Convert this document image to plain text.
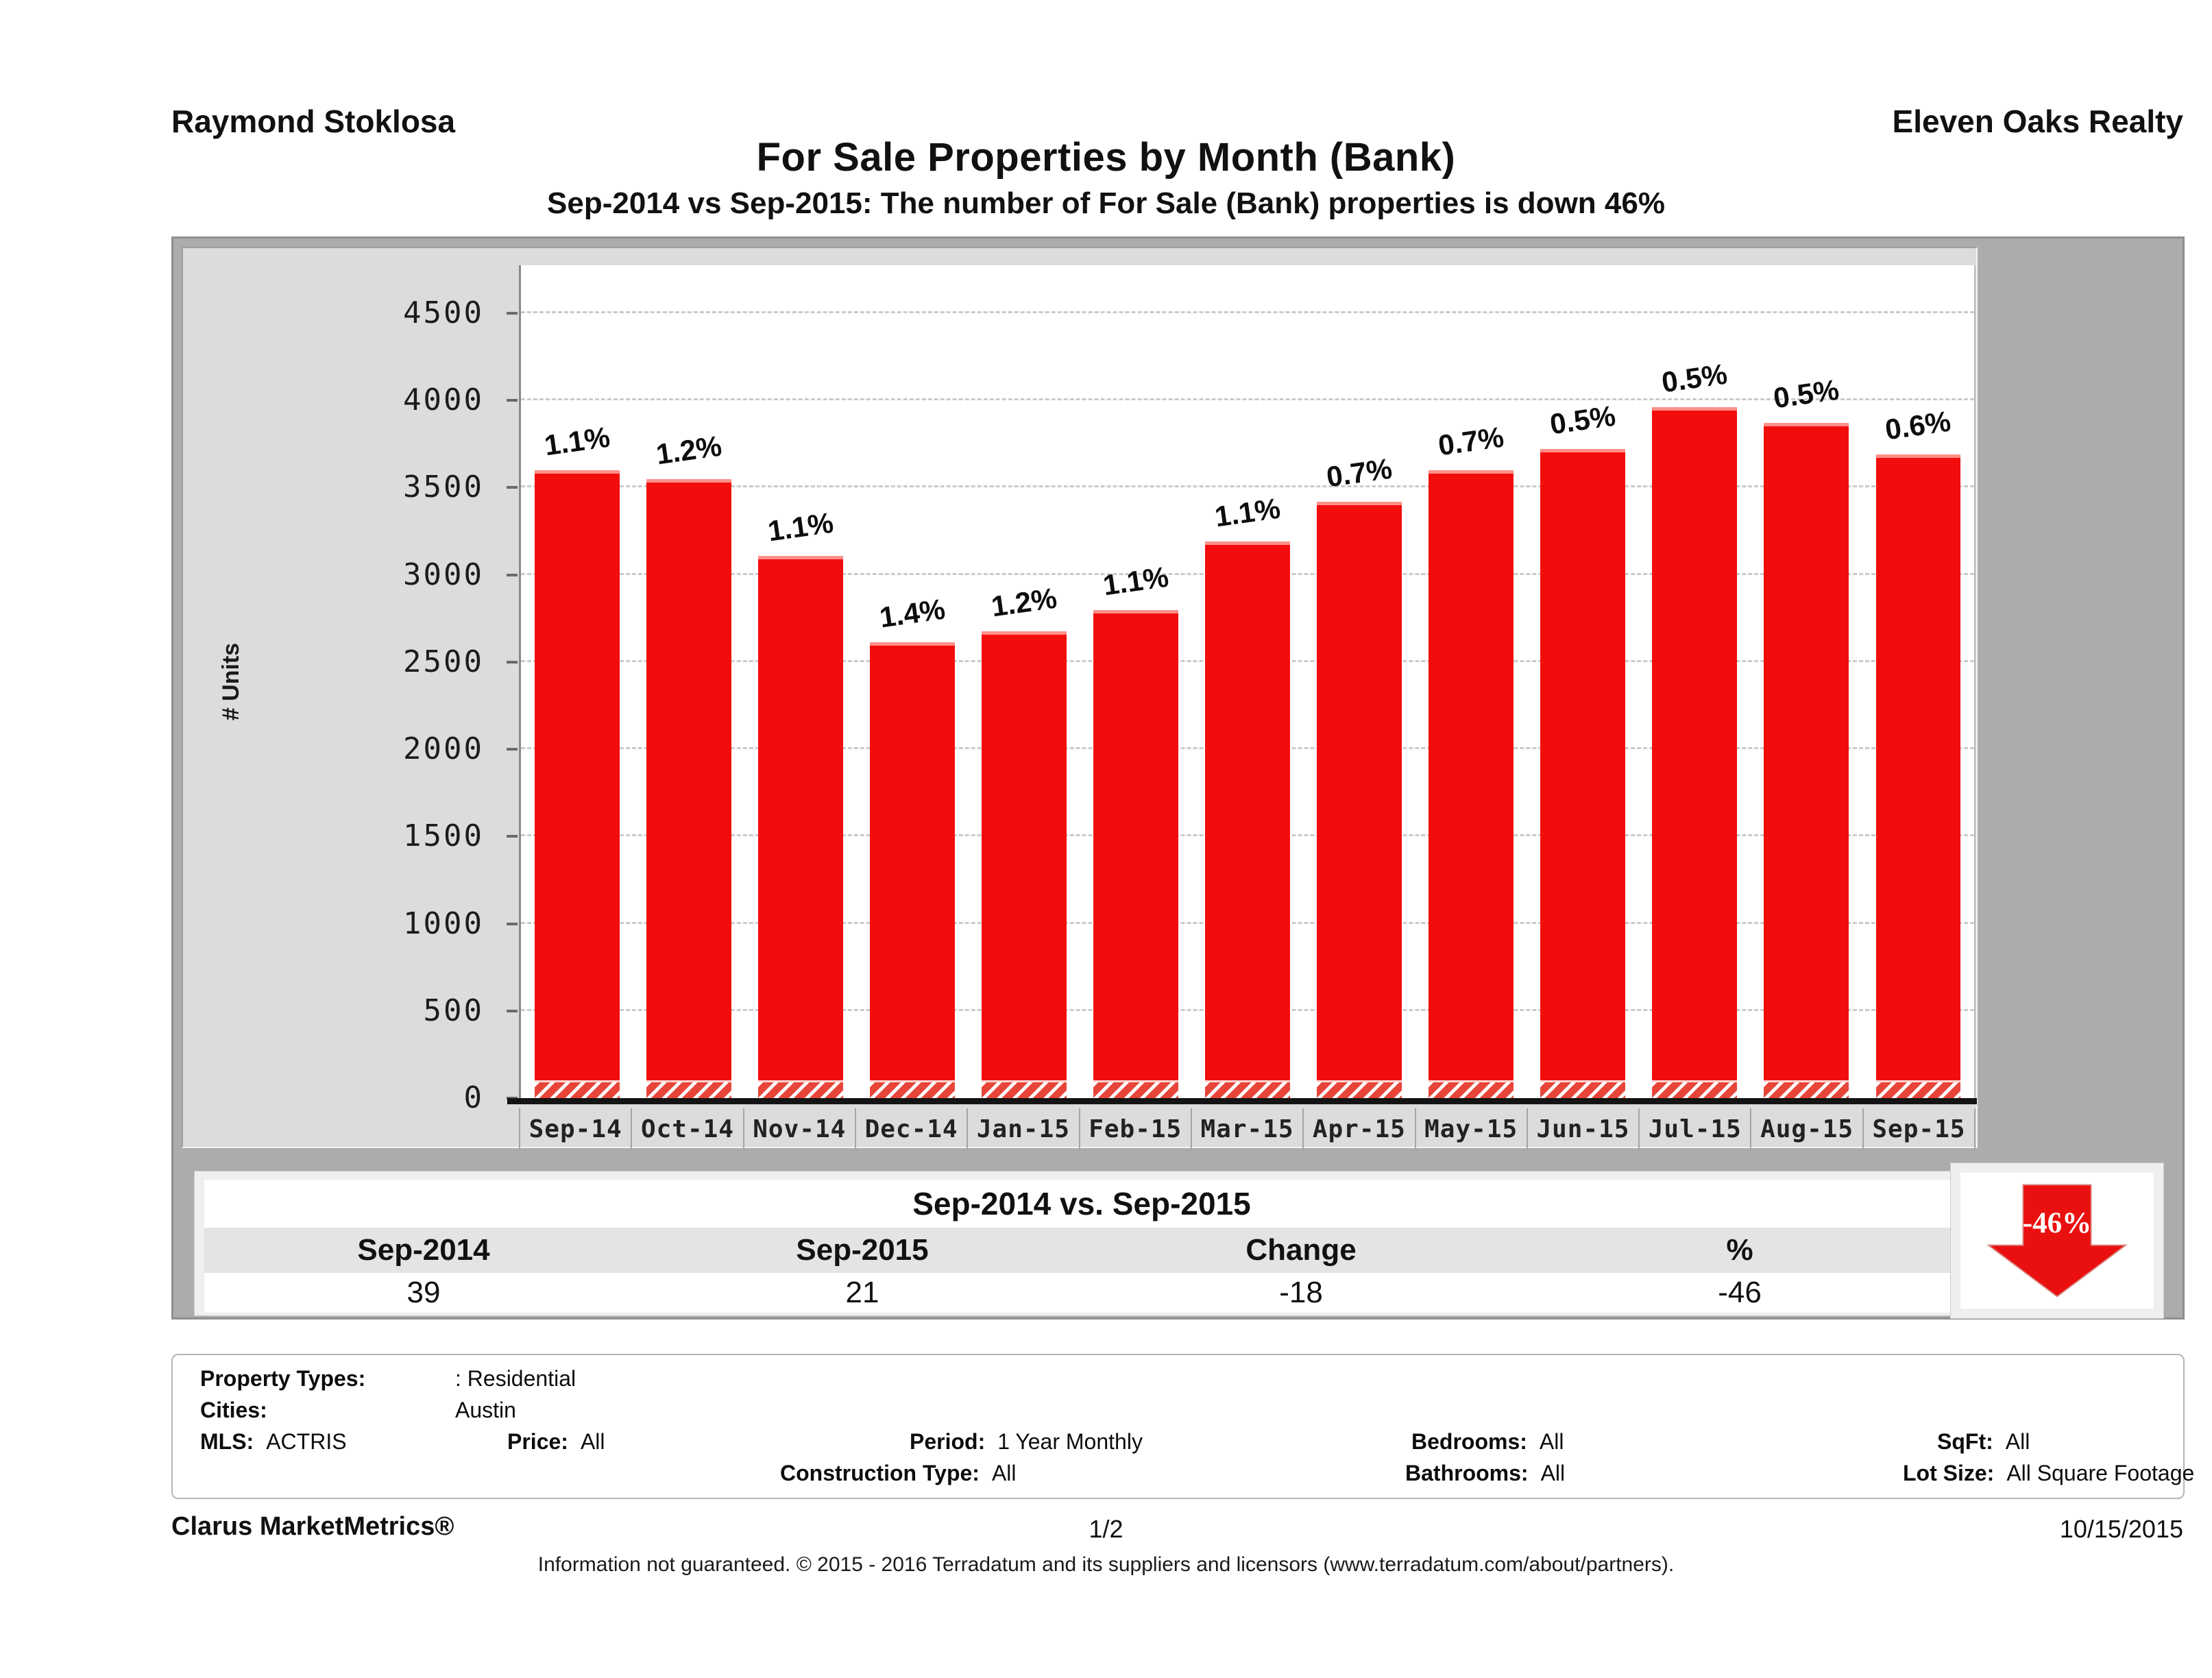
Raymond Stoklosa	Eleven Oaks Realty
For Sale Properties by Month (Bank)
Sep-2014 vs Sep-2015: The number of For Sale (Bank) properties is down 46%
# Units
0
500
1000
1500
2000
2500
3000
3500
4000
4500
1.1%	1.2%
1.1%
1.4%	1.2%
1.1%
1.1%
0.7%
0.7%
0.5%
0.5%	0.5%
0.6%
Sep-14 Oct-14 Nov-14 Dec-14 Jan-15 Feb-15 Mar-15 Apr-15 May-15 Jun-15 Jul-15 Aug-15 Sep-15
Sep-2014 vs. Sep-2015
Sep-2014	Sep-2015	Change	%
39	21	-18	-46
-46%
Property Types:	: Residential
Cities:	Austin
MLS: ACTRIS	Price: All	Period: 1 Year Monthly	Bedrooms: All	SqFt: All
Construction Type: All	Bathrooms: All	Lot Size: All Square Footage
Clarus MarketMetrics®	1/2	10/15/2015
Information not guaranteed. © 2015 - 2016 Terradatum and its suppliers and licensors (www.terradatum.com/about/partners).
